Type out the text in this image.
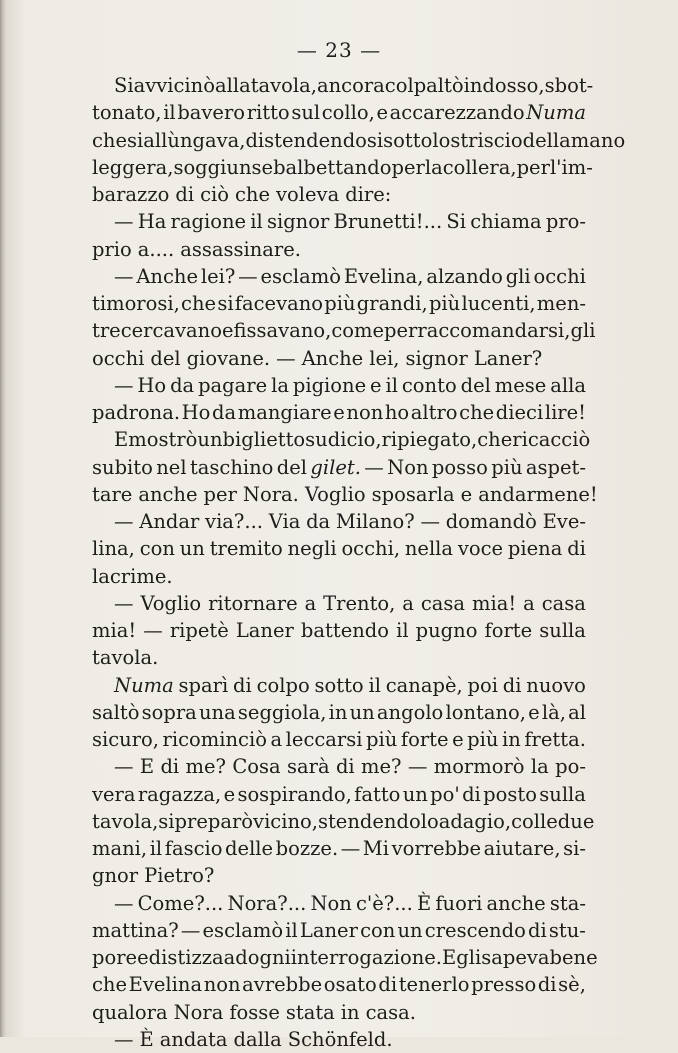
— 23 —
Si avvicinò alla tavola, ancora col paltò indosso, sbot-
tonato, il bavero ritto sul collo, e accarezzando Numa
che si allùngava, distendendosi sotto lo striscio della mano
leggera, soggiunse balbettando per la collera, per l'im-
barazzo di ciò che voleva dire:
— Ha ragione il signor Brunetti!... Si chiama pro-
prio a.... assassinare.
— Anche lei? — esclamò Evelina, alzando gli occhi
timorosi, che si facevano più grandi, più lucenti, men-
tre cercavano e fissavano, come per raccomandarsi, gli
occhi del giovane. — Anche lei, signor Laner?
— Ho da pagare la pigione e il conto del mese alla
padrona. Ho da mangiare e non ho altro che dieci lire!
E mostrò un biglietto sudicio, ripiegato, che ricacciò
subito nel taschino del gilet. — Non posso più aspet-
tare anche per Nora. Voglio sposarla e andarmene!
— Andar via?... Via da Milano? — domandò Eve-
lina, con un tremito negli occhi, nella voce piena di
lacrime.
— Voglio ritornare a Trento, a casa mia! a casa
mia! — ripetè Laner battendo il pugno forte sulla
tavola.
Numa sparì di colpo sotto il canapè, poi di nuovo
saltò sopra una seggiola, in un angolo lontano, e là, al
sicuro, ricominciò a leccarsi più forte e più in fretta.
— E di me? Cosa sarà di me? — mormorò la po-
vera ragazza, e sospirando, fatto un po' di posto sulla
tavola, si preparò vicino, stendendolo adagio, colle due
mani, il fascio delle bozze. — Mi vorrebbe aiutare, si-
gnor Pietro?
— Come?... Nora?... Non c'è?... È fuori anche sta-
mattina? — esclamò il Laner con un crescendo di stu-
pore e di stizza ad ogni interrogazione. Egli sapeva bene
che Evelina non avrebbe osato di tenerlo presso di sè,
qualora Nora fosse stata in casa.
— È andata dalla Schönfeld.
